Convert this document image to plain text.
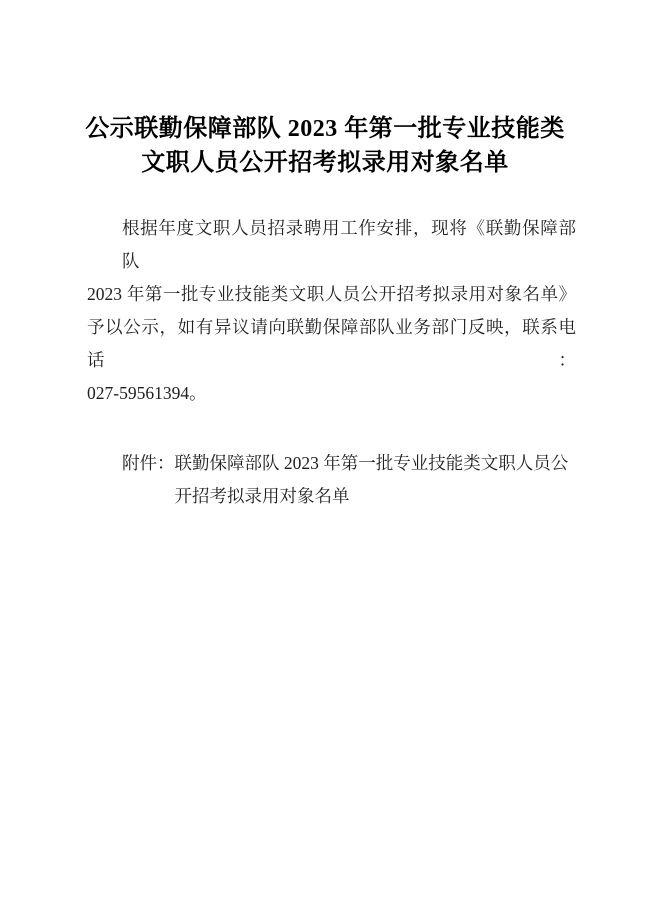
公示联勤保障部队 2023 年第一批专业技能类
文职人员公开招考拟录用对象名单
根据年度文职人员招录聘用工作安排，现将《联勤保障部队
2023 年第一批专业技能类文职人员公开招考拟录用对象名单》
予以公示，如有异议请向联勤保障部队业务部门反映，联系电话：
027-59561394。
附件： 联勤保障部队 2023 年第一批专业技能类文职人员公
开招考拟录用对象名单
